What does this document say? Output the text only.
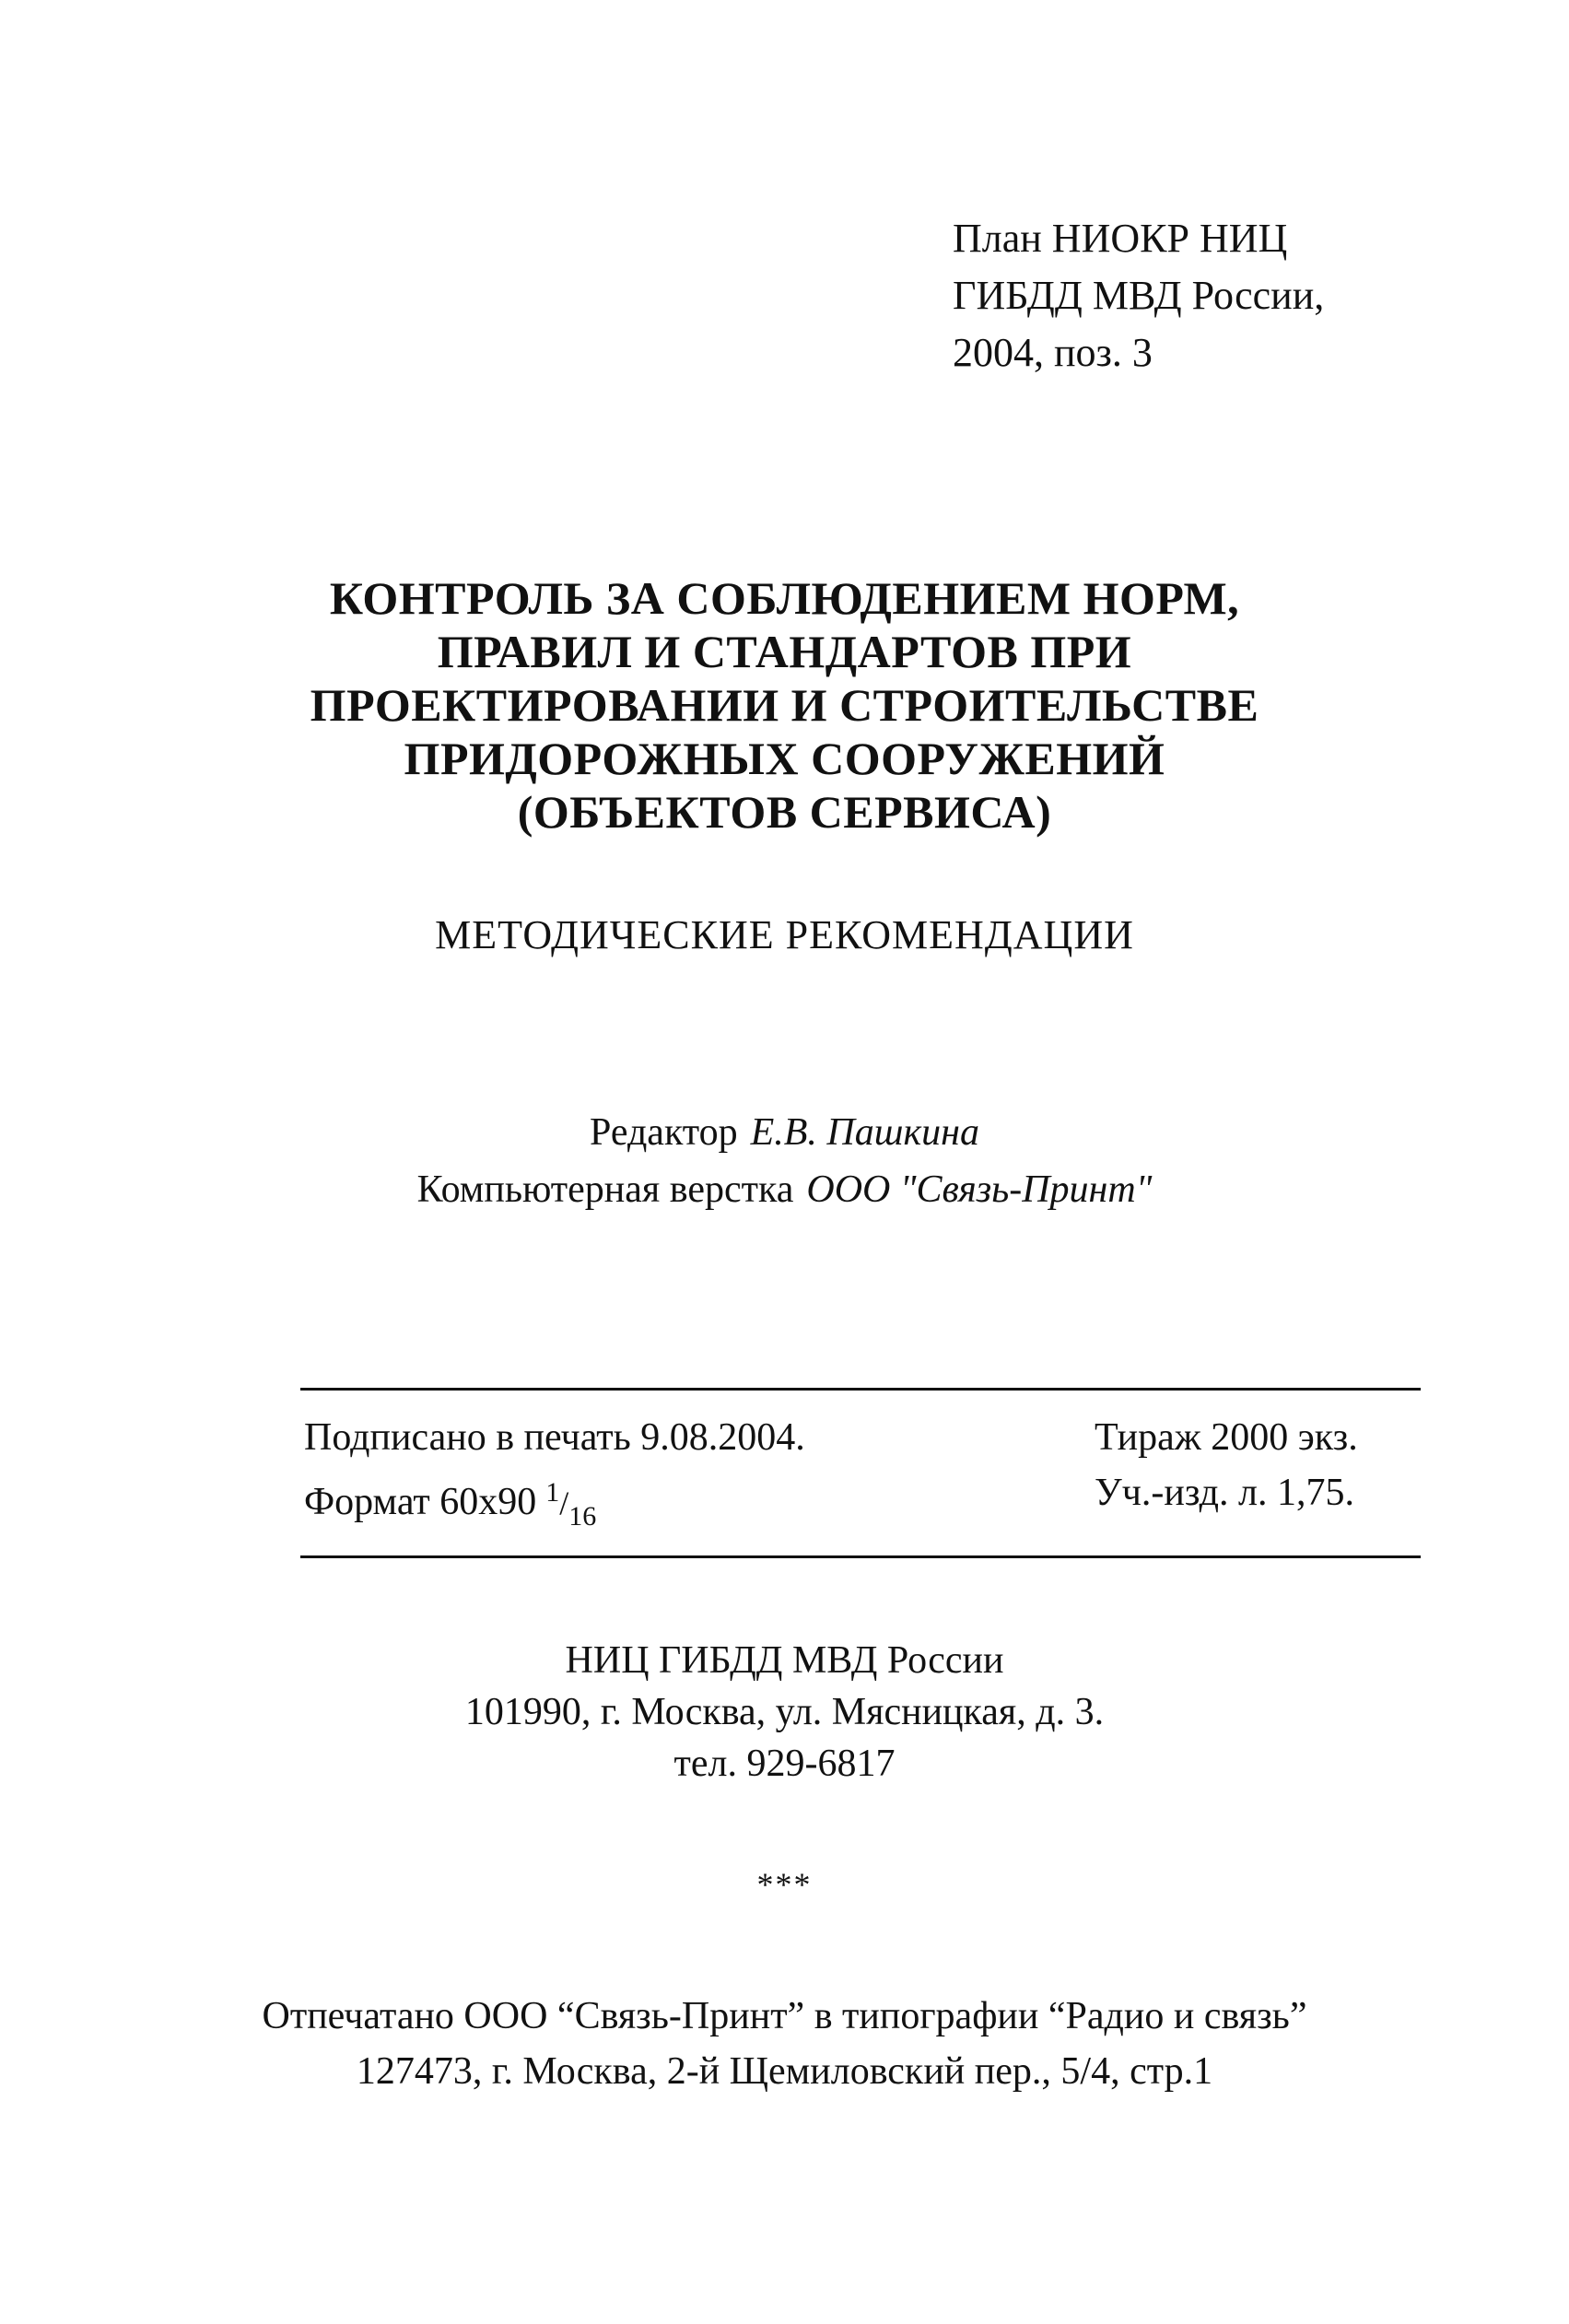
План НИОКР НИЦ
ГИБДД МВД России,
2004, поз. 3
КОНТРОЛЬ ЗА СОБЛЮДЕНИЕМ НОРМ,
ПРАВИЛ И СТАНДАРТОВ ПРИ
ПРОЕКТИРОВАНИИ И СТРОИТЕЛЬСТВЕ
ПРИДОРОЖНЫХ СООРУЖЕНИЙ
(ОБЪЕКТОВ СЕРВИСА)
МЕТОДИЧЕСКИЕ РЕКОМЕНДАЦИИ
Редактор Е.В. Пашкина
Компьютерная верстка ООО "Связь-Принт"
Подписано в печать 9.08.2004.	Тираж 2000 экз.
Формат 60х90 $^1/_{16}$
Уч.-изд. л. 1,75.
НИЦ ГИБДД МВД России
101990, г. Москва, ул. Мясницкая, д. 3.
тел. 929-6817
***
Отпечатано ООО “Связь-Принт” в типографии “Радио и связь”
127473, г. Москва, 2-й Щемиловский пер., 5/4, стр.1
